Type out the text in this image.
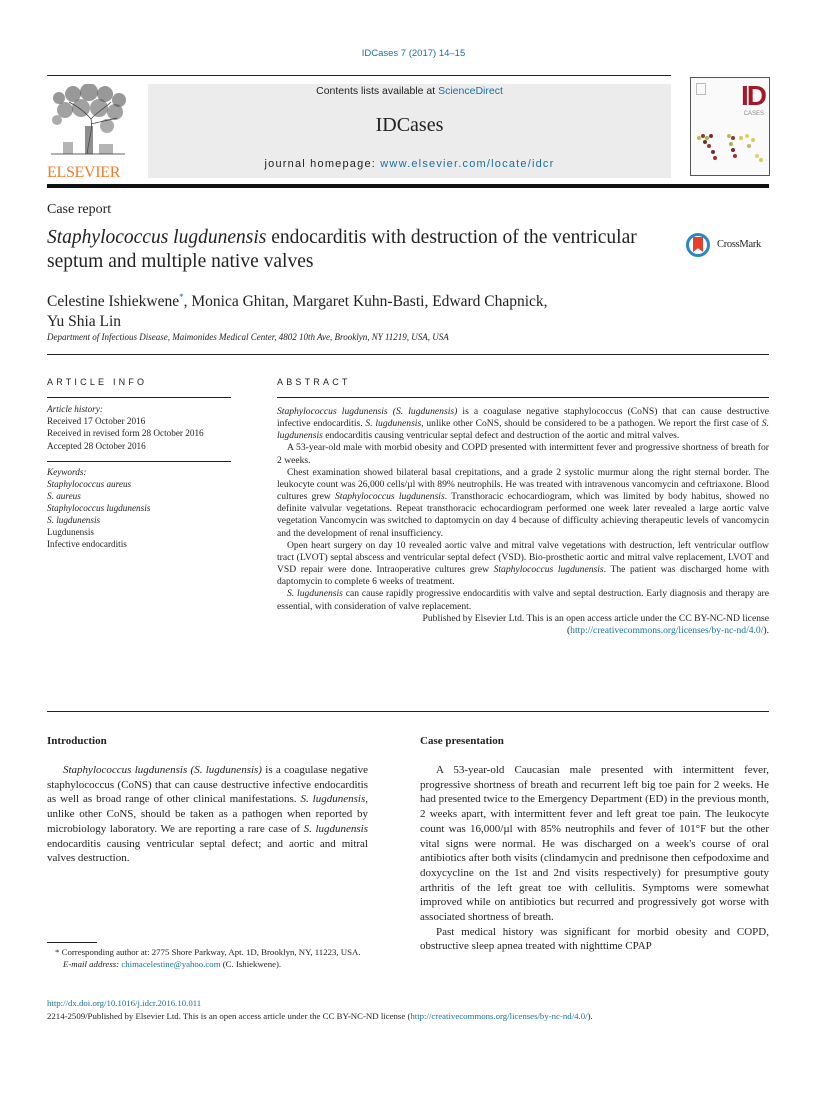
IDCases 7 (2017) 14–15
ELSEVIER
Contents lists available at ScienceDirect
IDCases
journal homepage: www.elsevier.com/locate/idcr
ID
CASES
Case report
Staphylococcus lugdunensis endocarditis with destruction of the ventricular septum and multiple native valves
CrossMark
Celestine Ishiekwene*, Monica Ghitan, Margaret Kuhn-Basti, Edward Chapnick,
Yu Shia Lin
Department of Infectious Disease, Maimonides Medical Center, 4802 10th Ave, Brooklyn, NY 11219, USA, USA
ARTICLE INFO
Article history:
Received 17 October 2016
Received in revised form 28 October 2016
Accepted 28 October 2016
Keywords:
Staphylococcus aureus
S. aureus
Staphylococcus lugdunensis
S. lugdunensis
Lugdunensis
Infective endocarditis
ABSTRACT

Staphylococcus lugdunensis (S. lugdunensis) is a coagulase negative staphylococcus (CoNS) that can cause destructive infective endocarditis. S. lugdunensis, unlike other CoNS, should be considered to be a pathogen. We report the first case of S. lugdunensis endocarditis causing ventricular septal defect and destruction of the aortic and mitral valves.

A 53-year-old male with morbid obesity and COPD presented with intermittent fever and progressive shortness of breath for 2 weeks.

Chest examination showed bilateral basal crepitations, and a grade 2 systolic murmur along the right sternal border. The leukocyte count was 26,000 cells/µl with 89% neutrophils. He was treated with intravenous vancomycin and ceftriaxone. Blood cultures grew Staphylococcus lugdunensis. Transthoracic echocardiogram, which was limited by body habitus, showed no definite valvular vegetations. Repeat transthoracic echocardiogram performed one week later revealed a large aortic valve vegetation Vancomycin was switched to daptomycin on day 4 because of difficulty achieving therapeutic levels of vancomycin and the development of renal insufficiency.

Open heart surgery on day 10 revealed aortic valve and mitral valve vegetations with destruction, left ventricular outflow tract (LVOT) septal abscess and ventricular septal defect (VSD). Bio-prosthetic aortic and mitral valve replacement, LVOT and VSD repair were done. Intraoperative cultures grew Staphylococcus lugdunensis. The patient was discharged home with daptomycin to complete 6 weeks of treatment.

S. lugdunensis can cause rapidly progressive endocarditis with valve and septal destruction. Early diagnosis and therapy are essential, with consideration of valve replacement.

Published by Elsevier Ltd. This is an open access article under the CC BY-NC-ND license (http://creativecommons.org/licenses/by-nc-nd/4.0/).

Introduction

Staphylococcus lugdunensis (S. lugdunensis) is a coagulase negative staphylococcus (CoNS) that can cause destructive infective endocarditis as well as broad range of other clinical manifestations. S. lugdunensis, unlike other CoNS, should be taken as a pathogen when reported by microbiology laboratory. We are reporting a rare case of S. lugdunensis endocarditis causing ventricular septal defect; and aortic and mitral valves destruction.

Case presentation

A 53-year-old Caucasian male presented with intermittent fever, progressive shortness of breath and recurrent left big toe pain for 2 weeks. He had presented twice to the Emergency Department (ED) in the previous month, 2 weeks apart, with intermittent fever and left great toe pain. The leukocyte count was 16,000/µl with 85% neutrophils and fever of 101°F but the other vital signs were normal. He was discharged on a week's course of oral antibiotics after both visits (clindamycin and prednisone then cefpodoxime and doxycycline on the 1st and 2nd visits respectively) for presumptive gouty arthritis of the left great toe with cellulitis. Symptoms were somewhat improved while on antibiotics but recurred and progressively got worse with associated shortness of breath.

Past medical history was significant for morbid obesity and COPD, obstructive sleep apnea treated with nighttime CPAP

* Corresponding author at: 2775 Shore Parkway, Apt. 1D, Brooklyn, NY, 11223, USA.

E-mail address: chimacelestine@yahoo.com (C. Ishiekwene).

http://dx.doi.org/10.1016/j.idcr.2016.10.011

2214-2509/Published by Elsevier Ltd. This is an open access article under the CC BY-NC-ND license (http://creativecommons.org/licenses/by-nc-nd/4.0/).
